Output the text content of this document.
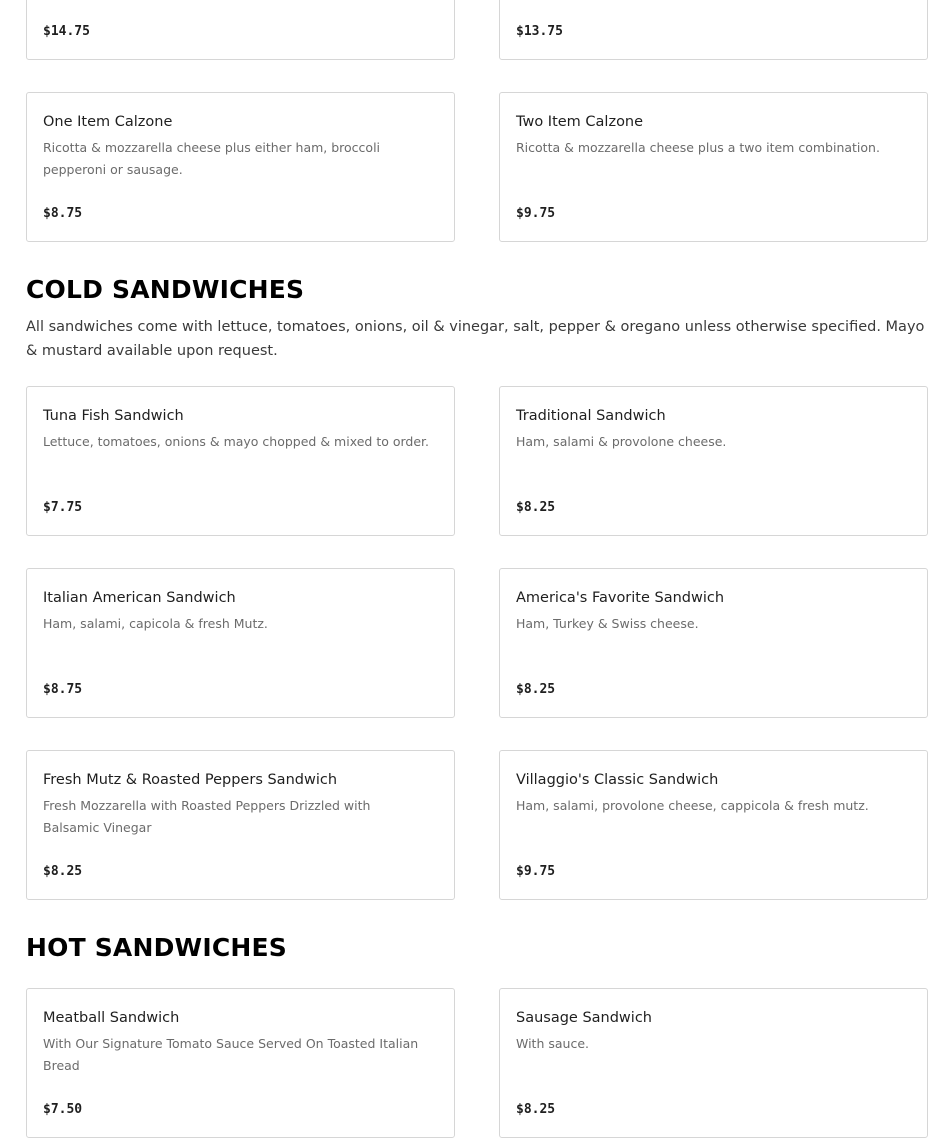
$14.75	$13.75
One Item Calzone
Ricotta & mozzarella cheese plus either ham, broccoli pepperoni or sausage.
$8.75
Two Item Calzone
Ricotta & mozzarella cheese plus a two item combination.
$9.75
COLD SANDWICHES
All sandwiches come with lettuce, tomatoes, onions, oil & vinegar, salt, pepper & oregano unless otherwise specified. Mayo & mustard available upon request.
Tuna Fish Sandwich
Lettuce, tomatoes, onions & mayo chopped & mixed to order.
$7.75
Traditional Sandwich
Ham, salami & provolone cheese.
$8.25
Italian American Sandwich
Ham, salami, capicola & fresh Mutz.
$8.75
America's Favorite Sandwich
Ham, Turkey & Swiss cheese.
$8.25
Fresh Mutz & Roasted Peppers Sandwich
Fresh Mozzarella with Roasted Peppers Drizzled with Balsamic Vinegar
$8.25
Villaggio's Classic Sandwich
Ham, salami, provolone cheese, cappicola & fresh mutz.
$9.75
HOT SANDWICHES
Meatball Sandwich
With Our Signature Tomato Sauce Served On Toasted Italian Bread
$7.50
Sausage Sandwich
With sauce.
$8.25
